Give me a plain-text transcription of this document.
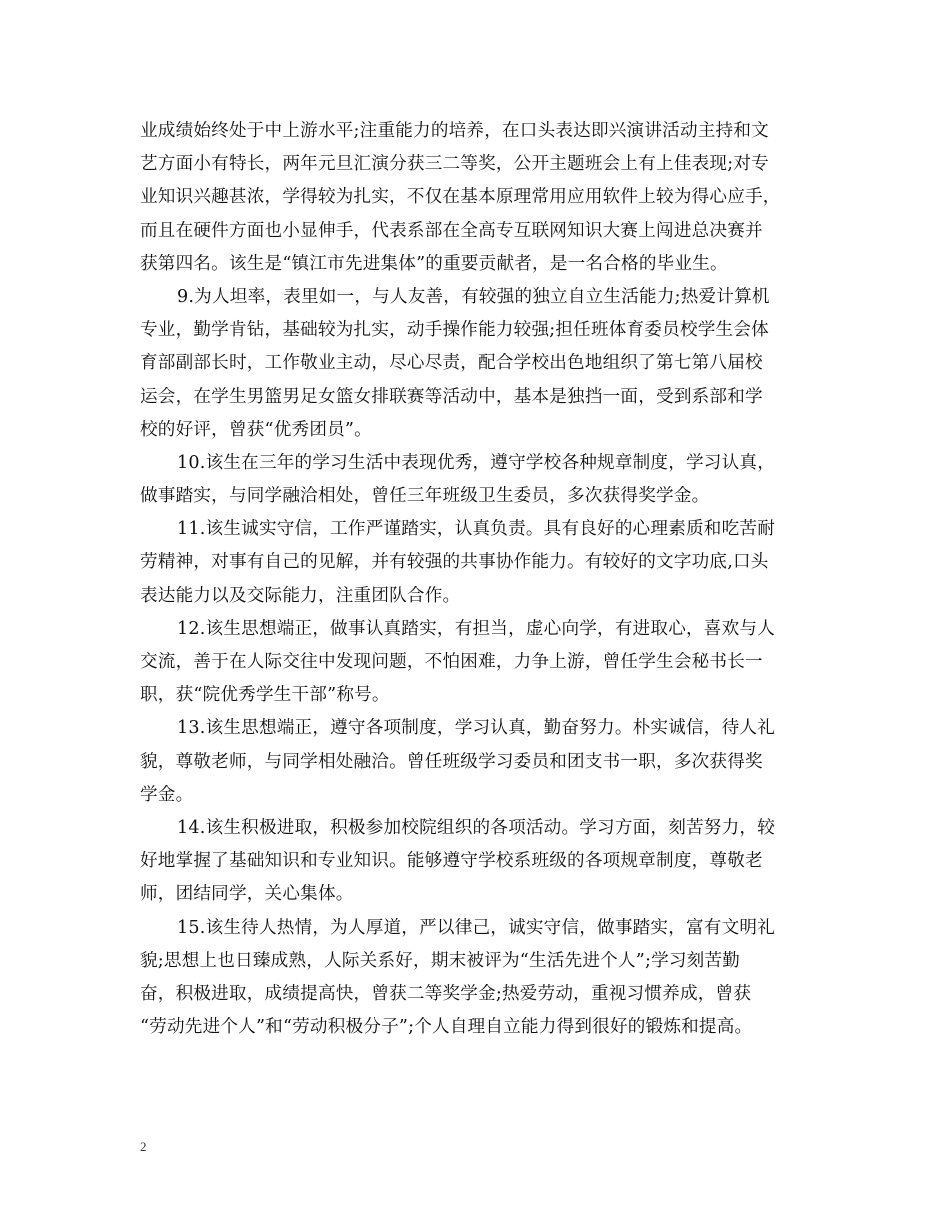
业成绩始终处于中上游水平;注重能力的培养，在口头表达即兴演讲活动主持和文
艺方面小有特长，两年元旦汇演分获三二等奖，公开主题班会上有上佳表现;对专
业知识兴趣甚浓，学得较为扎实，不仅在基本原理常用应用软件上较为得心应手，
而且在硬件方面也小显伸手，代表系部在全高专互联网知识大赛上闯进总决赛并
获第四名。该生是“镇江市先进集体”的重要贡献者，是一名合格的毕业生。
9.为人坦率，表里如一，与人友善，有较强的独立自立生活能力;热爱计算机
专业，勤学肯钻，基础较为扎实，动手操作能力较强;担任班体育委员校学生会体
育部副部长时，工作敬业主动，尽心尽责，配合学校出色地组织了第七第八届校
运会，在学生男篮男足女篮女排联赛等活动中，基本是独挡一面，受到系部和学
校的好评，曾获“优秀团员”。
10.该生在三年的学习生活中表现优秀，遵守学校各种规章制度，学习认真，
做事踏实，与同学融洽相处，曾任三年班级卫生委员，多次获得奖学金。
11.该生诚实守信，工作严谨踏实，认真负责。具有良好的心理素质和吃苦耐
劳精神，对事有自己的见解，并有较强的共事协作能力。有较好的文字功底,口头
表达能力以及交际能力，注重团队合作。
12.该生思想端正，做事认真踏实，有担当，虚心向学，有进取心，喜欢与人
交流，善于在人际交往中发现问题，不怕困难，力争上游，曾任学生会秘书长一
职，获“院优秀学生干部”称号。
13.该生思想端正，遵守各项制度，学习认真，勤奋努力。朴实诚信，待人礼
貌，尊敬老师，与同学相处融洽。曾任班级学习委员和团支书一职，多次获得奖
学金。
14.该生积极进取，积极参加校院组织的各项活动。学习方面，刻苦努力，较
好地掌握了基础知识和专业知识。能够遵守学校系班级的各项规章制度，尊敬老
师，团结同学，关心集体。
15.该生待人热情，为人厚道，严以律己，诚实守信，做事踏实，富有文明礼
貌;思想上也日臻成熟，人际关系好，期末被评为“生活先进个人”;学习刻苦勤
奋，积极进取，成绩提高快，曾获二等奖学金;热爱劳动，重视习惯养成，曾获
“劳动先进个人”和“劳动积极分子”;个人自理自立能力得到很好的锻炼和提高。
2
